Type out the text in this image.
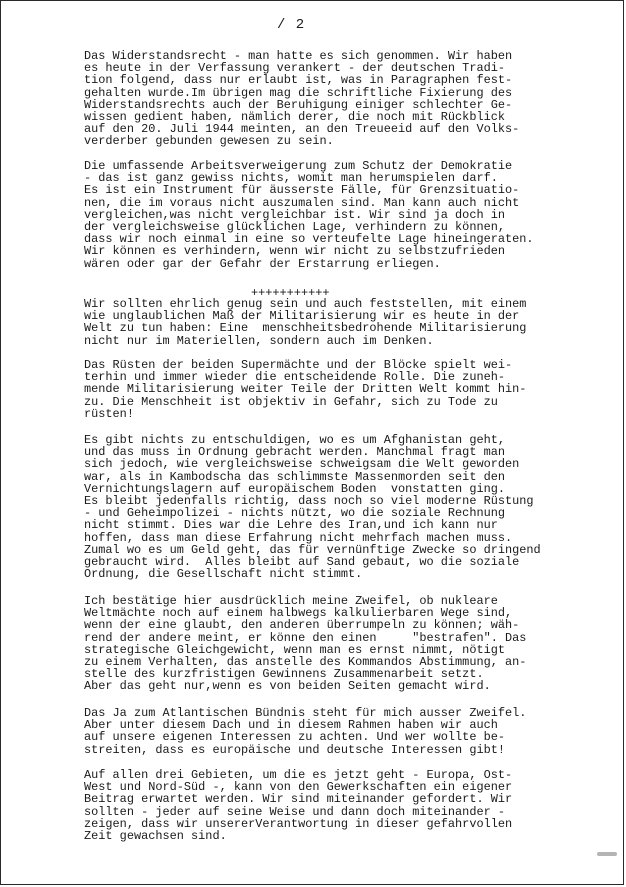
/ 2
Das Widerstandsrecht - man hatte es sich genommen. Wir haben
es heute in der Verfassung verankert - der deutschen Tradi-
tion folgend, dass nur erlaubt ist, was in Paragraphen fest-
gehalten wurde.Im übrigen mag die schriftliche Fixierung des
Widerstandsrechts auch der Beruhigung einiger schlechter Ge-
wissen gedient haben, nämlich derer, die noch mit Rückblick
auf den 20. Juli 1944 meinten, an den Treueeid auf den Volks-
verderber gebunden gewesen zu sein.
Die umfassende Arbeitsverweigerung zum Schutz der Demokratie
- das ist ganz gewiss nichts, womit man herumspielen darf.
Es ist ein Instrument für äusserste Fälle, für Grenzsituatio-
nen, die im voraus nicht auszumalen sind. Man kann auch nicht
vergleichen,was nicht vergleichbar ist. Wir sind ja doch in
der vergleichsweise glücklichen Lage, verhindern zu können,
dass wir noch einmal in eine so verteufelte Lage hineingeraten.
Wir können es verhindern, wenn wir nicht zu selbstzufrieden
wären oder gar der Gefahr der Erstarrung erliegen.
+++++++++++
Wir sollten ehrlich genug sein und auch feststellen, mit einem
wie unglaublichen Maß der Militarisierung wir es heute in der
Welt zu tun haben: Eine  menschheitsbedrohende Militarisierung
nicht nur im Materiellen, sondern auch im Denken.
Das Rüsten der beiden Supermächte und der Blöcke spielt wei-
terhin und immer wieder die entscheidende Rolle. Die zuneh-
mende Militarisierung weiter Teile der Dritten Welt kommt hin-
zu. Die Menschheit ist objektiv in Gefahr, sich zu Tode zu
rüsten!
Es gibt nichts zu entschuldigen, wo es um Afghanistan geht,
und das muss in Ordnung gebracht werden. Manchmal fragt man
sich jedoch, wie vergleichsweise schweigsam die Welt geworden
war, als in Kambodscha das schlimmste Massenmorden seit den
Vernichtungslagern auf europäischem Boden  vonstatten ging.
Es bleibt jedenfalls richtig, dass noch so viel moderne Rüstung
- und Geheimpolizei - nichts nützt, wo die soziale Rechnung
nicht stimmt. Dies war die Lehre des Iran,und ich kann nur
hoffen, dass man diese Erfahrung nicht mehrfach machen muss.
Zumal wo es um Geld geht, das für vernünftige Zwecke so dringend
gebraucht wird.  Alles bleibt auf Sand gebaut, wo die soziale
Ordnung, die Gesellschaft nicht stimmt.
Ich bestätige hier ausdrücklich meine Zweifel, ob nukleare
Weltmächte noch auf einem halbwegs kalkulierbaren Wege sind,
wenn der eine glaubt, den anderen überrumpeln zu können; wäh-
rend der andere meint, er könne den einen     "bestrafen". Das
strategische Gleichgewicht, wenn man es ernst nimmt, nötigt
zu einem Verhalten, das anstelle des Kommandos Abstimmung, an-
stelle des kurzfristigen Gewinnens Zusammenarbeit setzt.
Aber das geht nur,wenn es von beiden Seiten gemacht wird.
Das Ja zum Atlantischen Bündnis steht für mich ausser Zweifel.
Aber unter diesem Dach und in diesem Rahmen haben wir auch
auf unsere eigenen Interessen zu achten. Und wer wollte be-
streiten, dass es europäische und deutsche Interessen gibt!
Auf allen drei Gebieten, um die es jetzt geht - Europa, Ost-
West und Nord-Süd -, kann von den Gewerkschaften ein eigener
Beitrag erwartet werden. Wir sind miteinander gefordert. Wir
sollten - jeder auf seine Weise und dann doch miteinander -
zeigen, dass wir unsererVerantwortung in dieser gefahrvollen
Zeit gewachsen sind.
